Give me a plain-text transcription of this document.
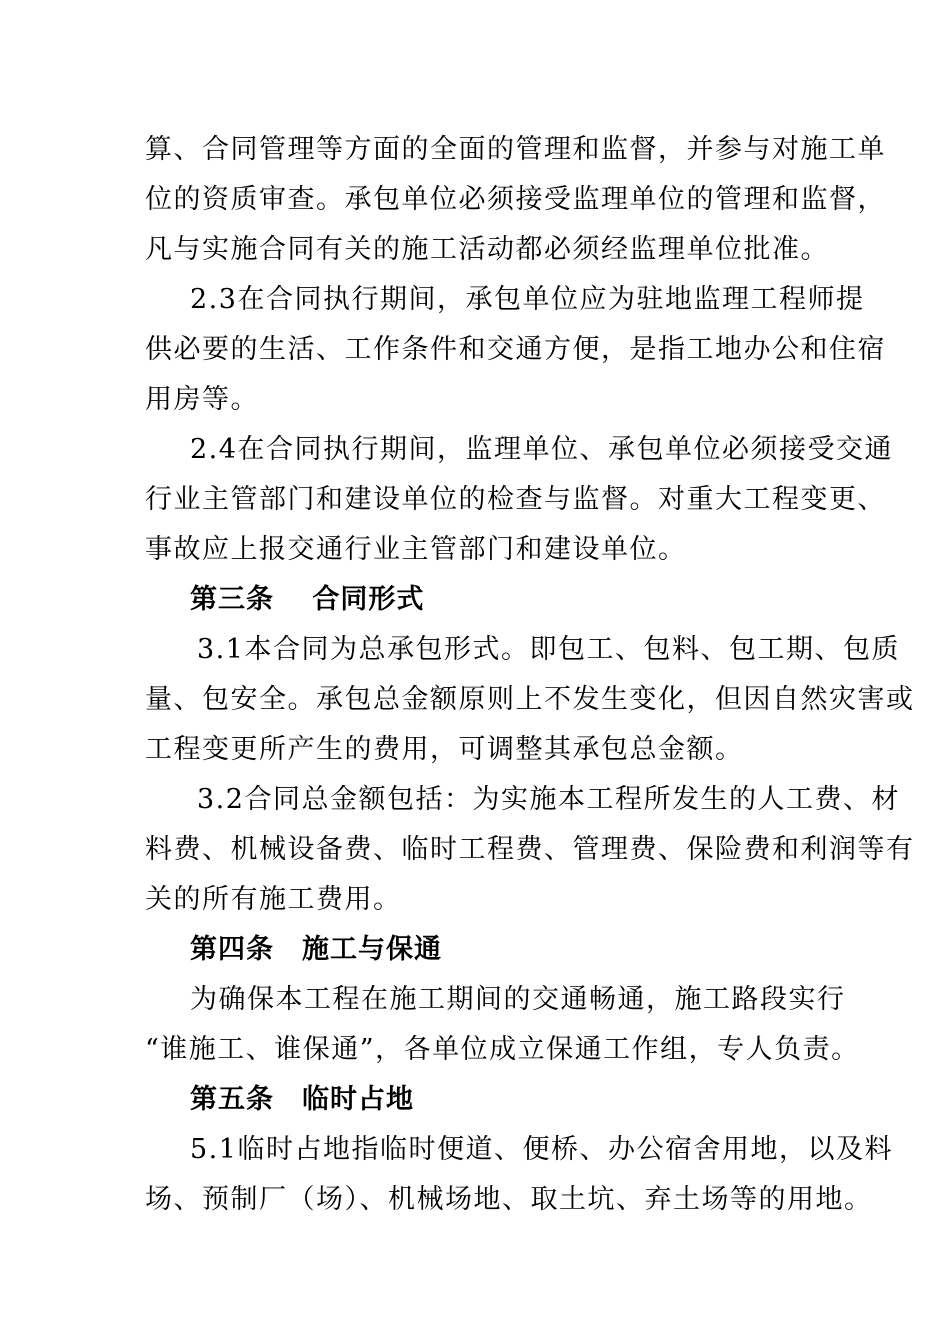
算、合同管理等方面的全面的管理和监督，并参与对施工单
位的资质审查。承包单位必须接受监理单位的管理和监督，
凡与实施合同有关的施工活动都必须经监理单位批准。
2.3在合同执行期间，承包单位应为驻地监理工程师提
供必要的生活、工作条件和交通方便，是指工地办公和住宿
用房等。
2.4在合同执行期间，监理单位、承包单位必须接受交通
行业主管部门和建设单位的检查与监督。对重大工程变更、
事故应上报交通行业主管部门和建设单位。
第三条　 合同形式
3.1本合同为总承包形式。即包工、包料、包工期、包质
量、包安全。承包总金额原则上不发生变化，但因自然灾害或
工程变更所产生的费用，可调整其承包总金额。
3.2合同总金额包括：为实施本工程所发生的人工费、材
料费、机械设备费、临时工程费、管理费、保险费和利润等有
关的所有施工费用。
第四条　施工与保通
为确保本工程在施工期间的交通畅通，施工路段实行
“谁施工、谁保通”，各单位成立保通工作组，专人负责。
第五条　临时占地
5.1临时占地指临时便道、便桥、办公宿舍用地，以及料
场、预制厂（场）、机械场地、取土坑、弃土场等的用地。
